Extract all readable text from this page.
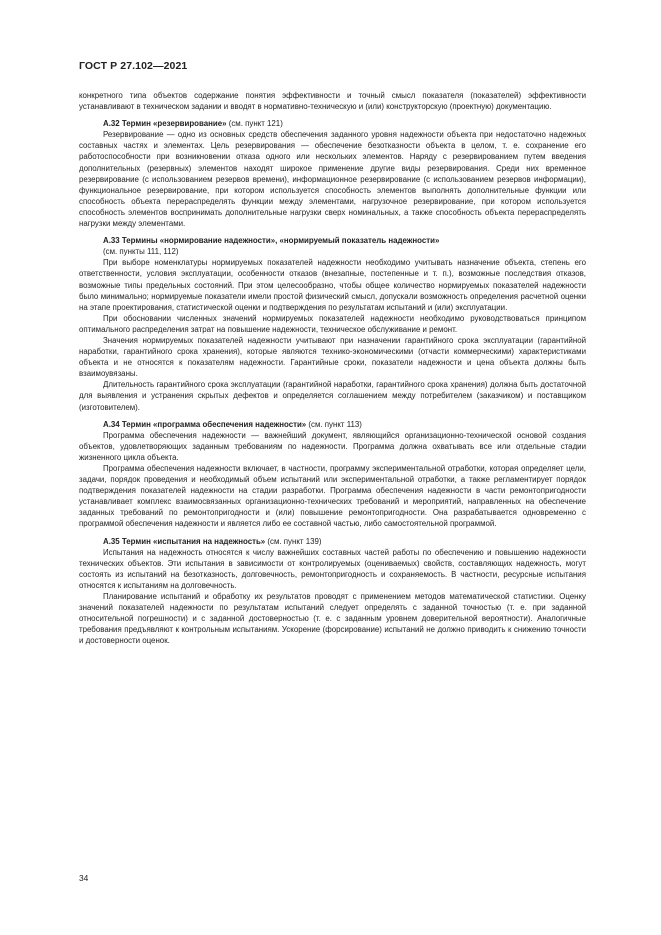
ГОСТ Р 27.102—2021

конкретного типа объектов содержание понятия эффективности и точный смысл показателя (показателей) эффективности устанавливают в техническом задании и вводят в нормативно-техническую и (или) конструкторскую (проектную) документацию.

А.32 Термин «резервирование» (см. пункт 121)

Резервирование — одно из основных средств обеспечения заданного уровня надежности объекта при недостаточно надежных составных частях и элементах. Цель резервирования — обеспечение безотказности объекта в целом, т. е. сохранение его работоспособности при возникновении отказа одного или нескольких элементов. Наряду с резервированием путем введения дополнительных (резервных) элементов находят широкое применение другие виды резервирования. Среди них временное резервирование (с использованием резервов времени), информационное резервирование (с использованием резервов информации), функциональное резервирование, при котором используется способность элементов выполнять дополнительные функции или способность объекта перераспределять функции между элементами, нагрузочное резервирование, при котором используется способность элементов воспринимать дополнительные нагрузки сверх номинальных, а также способность объекта перераспределять нагрузки между элементами.

А.33 Термины «нормирование надежности», «нормируемый показатель надежности»
(см. пункты 111, 112)

При выборе номенклатуры нормируемых показателей надежности необходимо учитывать назначение объекта, степень его ответственности, условия эксплуатации, особенности отказов (внезапные, постепенные и т. п.), возможные последствия отказов, возможные типы предельных состояний. При этом целесообразно, чтобы общее количество нормируемых показателей надежности было минимально; нормируемые показатели имели простой физический смысл, допускали возможность определения расчетной оценки на этапе проектирования, статистической оценки и подтверждения по результатам испытаний и (или) эксплуатации.

При обосновании численных значений нормируемых показателей надежности необходимо руководствоваться принципом оптимального распределения затрат на повышение надежности, техническое обслуживание и ремонт.

Значения нормируемых показателей надежности учитывают при назначении гарантийного срока эксплуатации (гарантийной наработки, гарантийного срока хранения), которые являются технико-экономическими (отчасти коммерческими) характеристиками объекта и не относятся к показателям надежности. Гарантийные сроки, показатели надежности и цена объекта должны быть взаимоувязаны.

Длительность гарантийного срока эксплуатации (гарантийной наработки, гарантийного срока хранения) должна быть достаточной для выявления и устранения скрытых дефектов и определяется соглашением между потребителем (заказчиком) и поставщиком (изготовителем).

А.34 Термин «программа обеспечения надежности» (см. пункт 113)

Программа обеспечения надежности — важнейший документ, являющийся организационно-технической основой создания объектов, удовлетворяющих заданным требованиям по надежности. Программа должна охватывать все или отдельные стадии жизненного цикла объекта.

Программа обеспечения надежности включает, в частности, программу экспериментальной отработки, которая определяет цели, задачи, порядок проведения и необходимый объем испытаний или экспериментальной отработки, а также регламентирует порядок подтверждения показателей надежности на стадии разработки. Программа обеспечения надежности в части ремонтопригодности устанавливает комплекс взаимосвязанных организационно-технических требований и мероприятий, направленных на обеспечение заданных требований по ремонтопригодности и (или) повышение ремонтопригодности. Она разрабатывается одновременно с программой обеспечения надежности и является либо ее составной частью, либо самостоятельной программой.

А.35 Термин «испытания на надежность» (см. пункт 139)

Испытания на надежность относятся к числу важнейших составных частей работы по обеспечению и повышению надежности технических объектов. Эти испытания в зависимости от контролируемых (оцениваемых) свойств, составляющих надежность, могут состоять из испытаний на безотказность, долговечность, ремонтопригодность и сохраняемость. В частности, ресурсные испытания относятся к испытаниям на долговечность.

Планирование испытаний и обработку их результатов проводят с применением методов математической статистики. Оценку значений показателей надежности по результатам испытаний следует определять с заданной точностью (т. е. при заданной относительной погрешности) и с заданной достоверностью (т. е. с заданным уровнем доверительной вероятности). Аналогичные требования предъявляют к контрольным испытаниям. Ускорение (форсирование) испытаний не должно приводить к снижению точности и достоверности оценок.

34
